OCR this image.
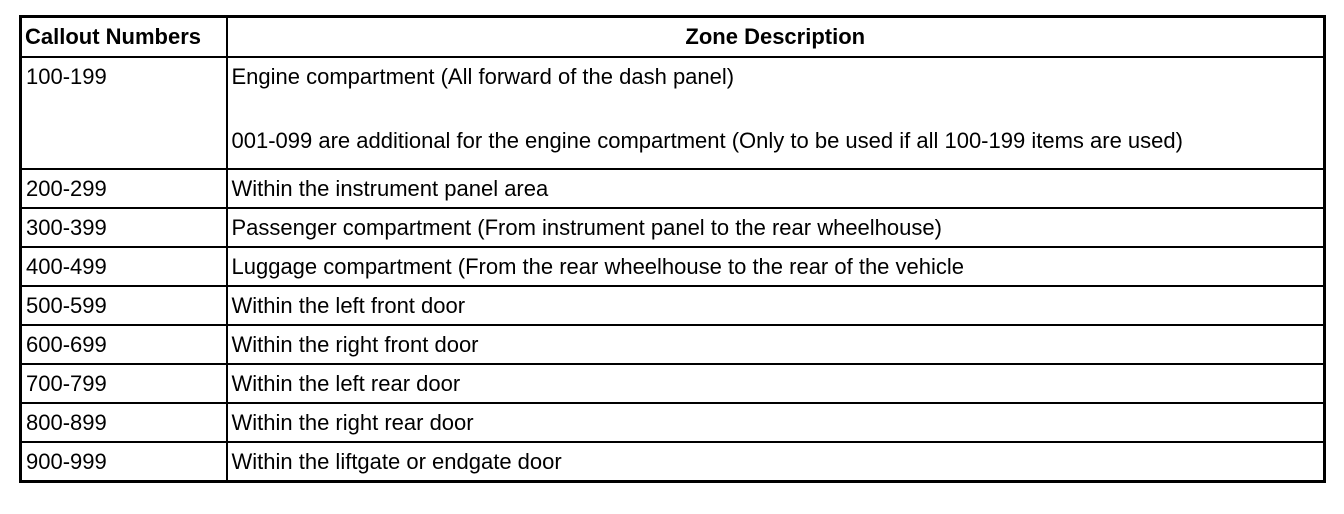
Callout Numbers	Zone Description
100-199	Engine compartment (All forward of the dash panel)
001-099 are additional for the engine compartment (Only to be used if all 100-199 items are used)

200-299	Within the instrument panel area
300-399	Passenger compartment (From instrument panel to the rear wheelhouse)
400-499	Luggage compartment (From the rear wheelhouse to the rear of the vehicle
500-599	Within the left front door
600-699	Within the right front door
700-799	Within the left rear door
800-899	Within the right rear door
900-999	Within the liftgate or endgate door
